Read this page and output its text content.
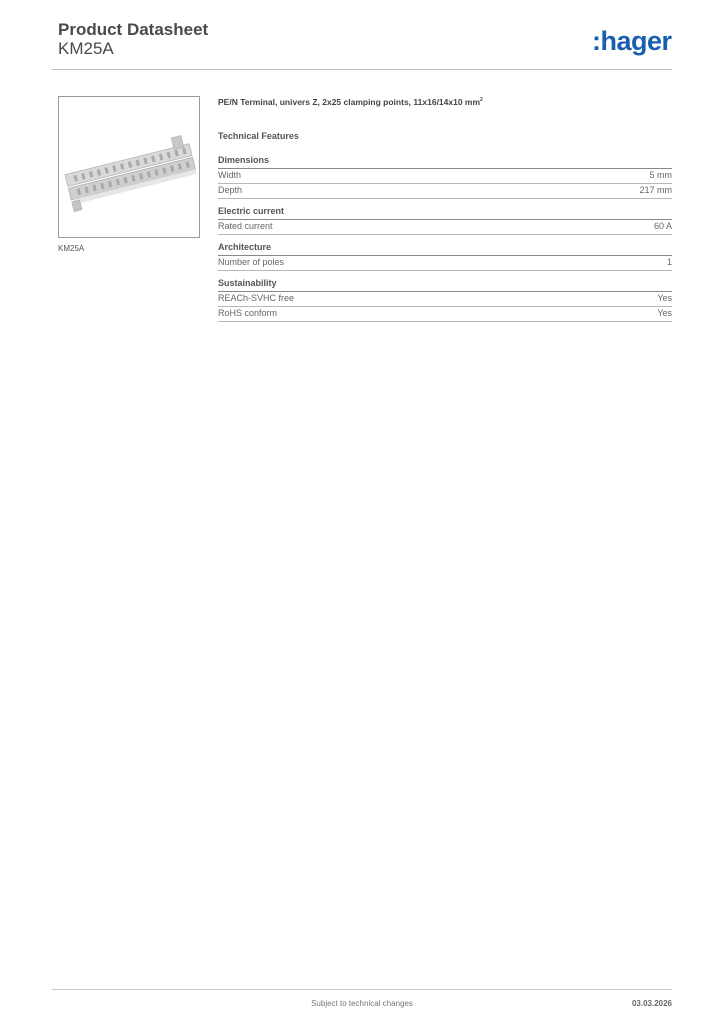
Product Datasheet
KM25A	:hager
KM25A
PE/N Terminal, univers Z, 2x25 clamping points, 11x16/14x10 $mm^2$
Technical Features
Dimensions
Width	5 mm
Depth	217 mm
Electric current
Rated current	60 A
Architecture
Number of poles	1
Sustainability
REACh-SVHC free	Yes
RoHS conform	Yes
Subject to technical changes	03.03.2026
